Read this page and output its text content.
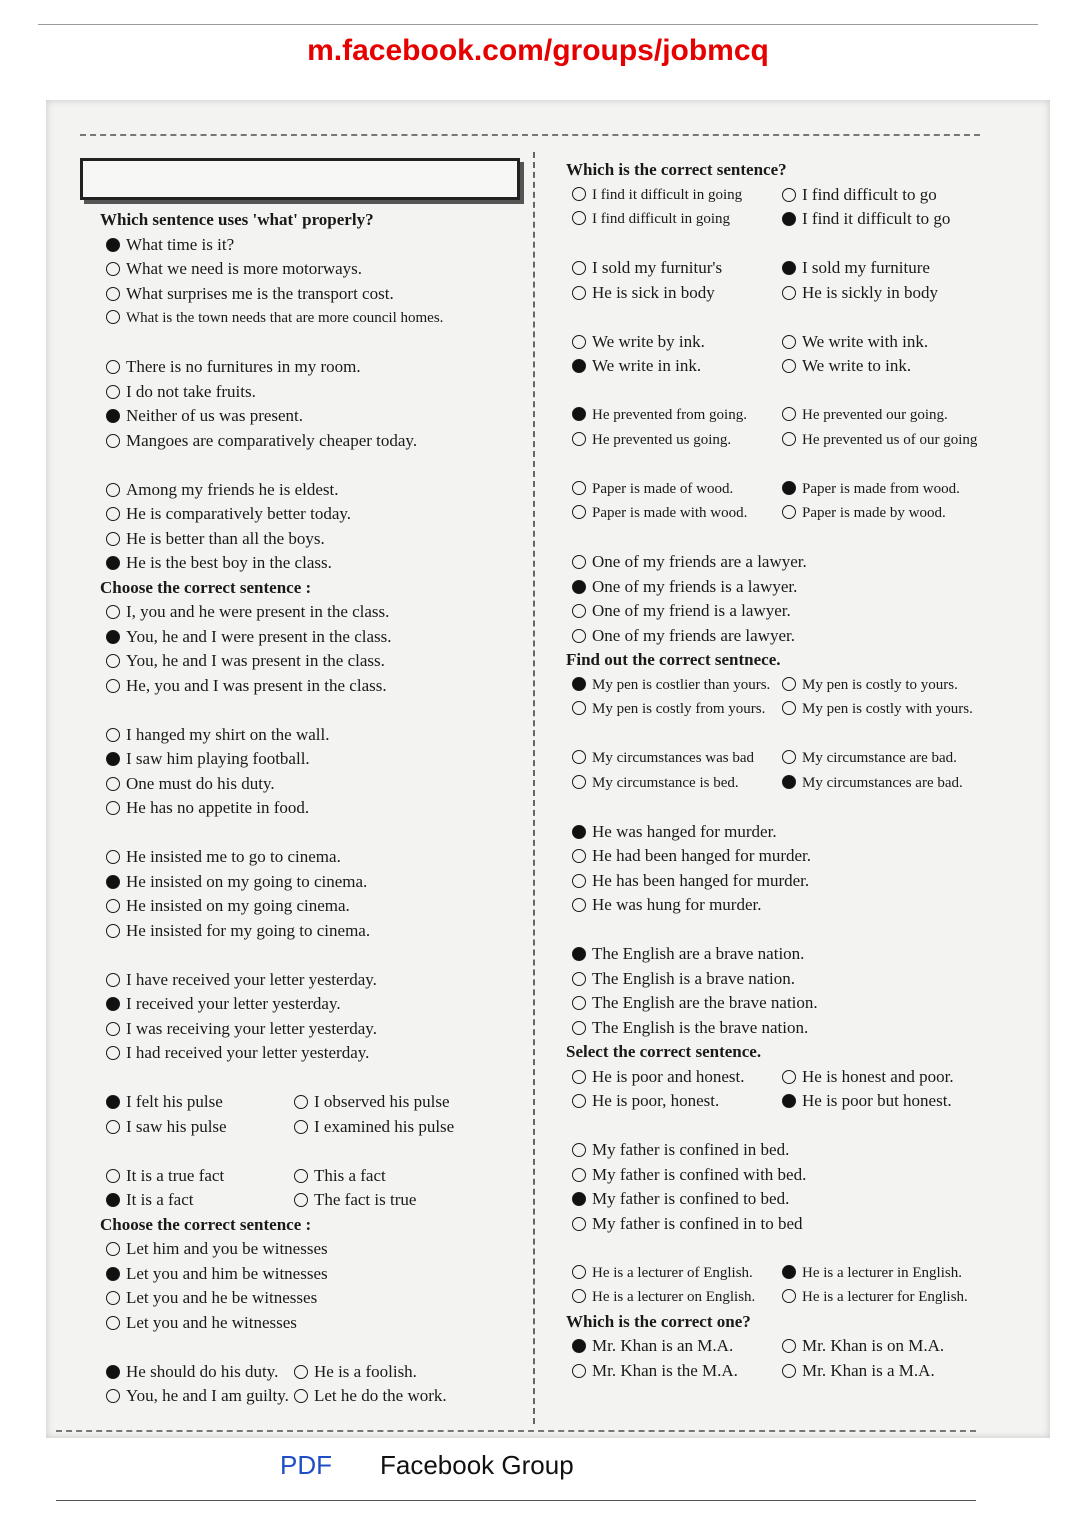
m.facebook.com/groups/jobmcq
Which sentence uses 'what' properly?
What time is it?
What we need is more motorways.
What surprises me is the transport cost.
What is the town needs that are more council homes.

There is no furnitures in my room.
I do not take fruits.
Neither of us was present.
Mangoes are comparatively cheaper today.

Among my friends he is eldest.
He is comparatively better today.
He is better than all the boys.
He is the best boy in the class.
Choose the correct sentence :
I, you and he were present in the class.
You, he and I were present in the class.
You, he and I was present in the class.
He, you and I was present in the class.

I hanged my shirt on the wall.
I saw him playing football.
One must do his duty.
He has no appetite in food.

He insisted me to go to cinema.
He insisted on my going to cinema.
He insisted on my going cinema.
He insisted for my going to cinema.

I have received your letter yesterday.
I received your letter yesterday.
I was receiving your letter yesterday.
I had received your letter yesterday.

I felt his pulse	I observed his pulse
I saw his pulse	I examined his pulse

It is a true fact	This a fact
It is a fact	The fact is true
Choose the correct sentence :
Let him and you be witnesses
Let you and him be witnesses
Let you and he be witnesses
Let you and he witnesses

He should do his duty.	He is a foolish.
You, he and I am guilty.	Let he do the work.
Which is the correct sentence?
I find it difficult in going	I find difficult to go
I find difficult in going	I find it difficult to go

I sold my furnitur's	I sold my furniture
He is sick in body	He is sickly in body

We write by ink.	We write with ink.
We write in ink.	We write to ink.

He prevented from going.	He prevented our going.
He prevented us going.	He prevented us of our going

Paper is made of wood.	Paper is made from wood.
Paper is made with wood.	Paper is made by wood.

One of my friends are a lawyer.
One of my friends is a lawyer.
One of my friend is a lawyer.
One of my friends are lawyer.
Find out the correct sentnece.
My pen is costlier than yours.	My pen is costly to yours.
My pen is costly from yours.	My pen is costly with yours.

My circumstances was bad	My circumstance are bad.
My circumstance is bed.	My circumstances are bad.

He was hanged for murder.
He had been hanged for murder.
He has been hanged for murder.
He was hung for murder.

The English are a brave nation.
The English is a brave nation.
The English are the brave nation.
The English is the brave nation.
Select the correct sentence.
He is poor and honest.	He is honest and poor.
He is poor, honest.	He is poor but honest.

My father is confined in bed.
My father is confined with bed.
My father is confined to bed.
My father is confined in to bed

He is a lecturer of English.	He is a lecturer in English.
He is a lecturer on English.	He is a lecturer for English.
Which is the correct one?
Mr. Khan is an M.A.	Mr. Khan is on M.A.
Mr. Khan is the M.A.	Mr. Khan is a M.A.
PDF Facebook Group
